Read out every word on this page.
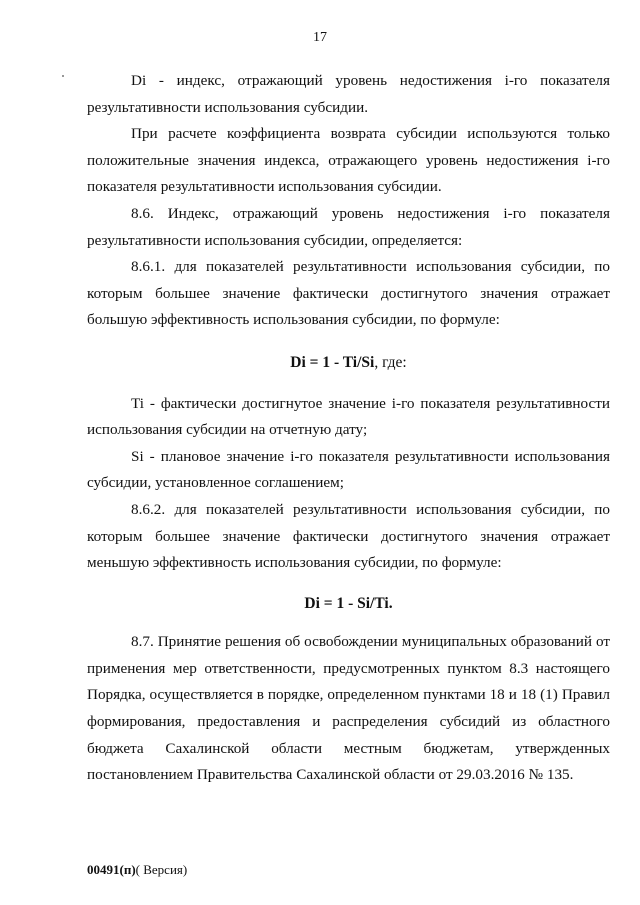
17

Di - индекс, отражающий уровень недостижения i-го показателя результативности использования субсидии.

При расчете коэффициента возврата субсидии используются только положительные значения индекса, отражающего уровень недостижения i-го показателя результативности использования субсидии.

8.6. Индекс, отражающий уровень недостижения i-го показателя результативности использования субсидии, определяется:

8.6.1. для показателей результативности использования субсидии, по которым большее значение фактически достигнутого значения отражает большую эффективность использования субсидии, по формуле:

Di = 1 - Ti/Si, где:

Ti - фактически достигнутое значение i-го показателя результативности использования субсидии на отчетную дату;

Si - плановое значение i-го показателя результативности использования субсидии, установленное соглашением;

8.6.2. для показателей результативности использования субсидии, по которым большее значение фактически достигнутого значения отражает меньшую эффективность использования субсидии, по формуле:

Di = 1 - Si/Ti.

8.7. Принятие решения об освобождении муниципальных образований от применения мер ответственности, предусмотренных пунктом 8.3 настоящего Порядка, осуществляется в порядке, определенном пунктами 18 и 18 (1) Правил формирования, предоставления и распределения субсидий из областного бюджета Сахалинской области местным бюджетам, утвержденных постановлением Правительства Сахалинской области от 29.03.2016 № 135.

00491(п)( Версия)
